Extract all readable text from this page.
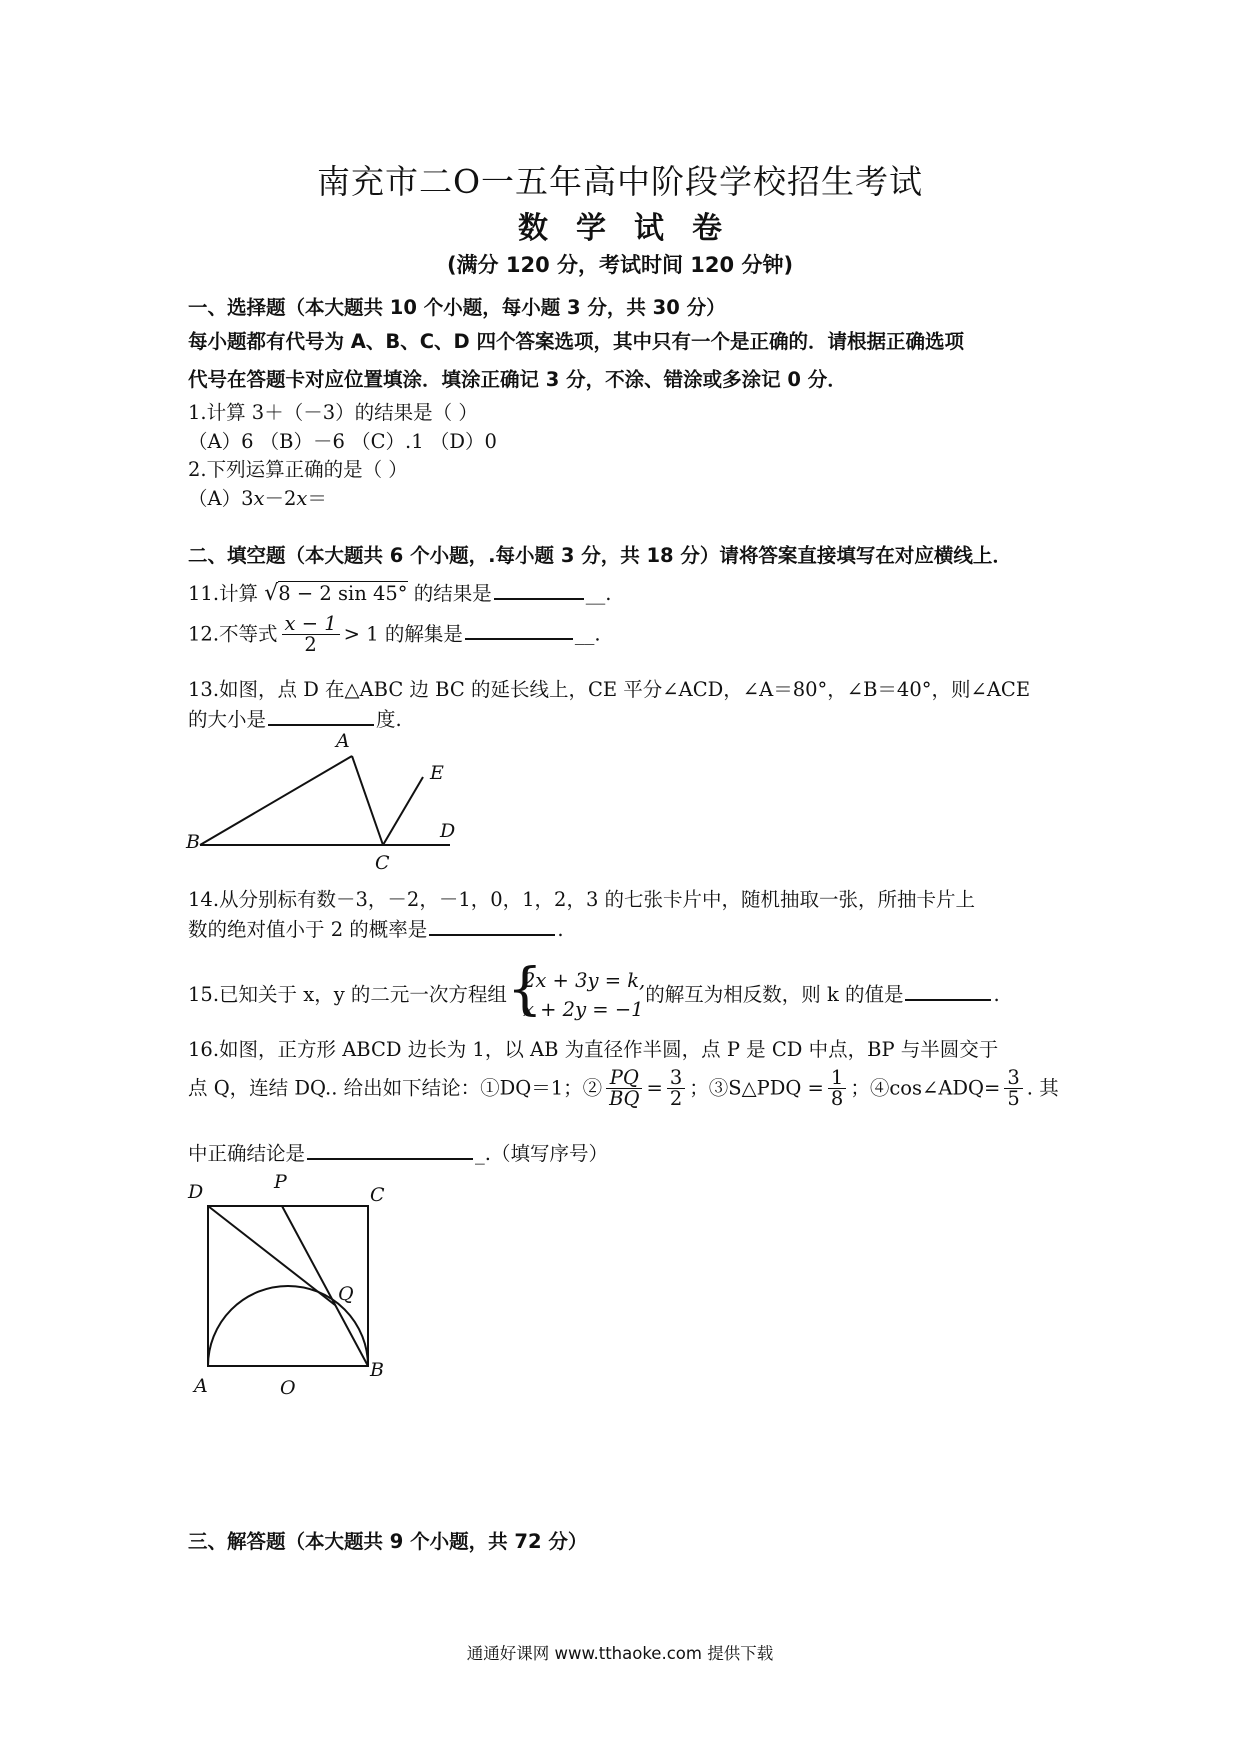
南充市二O一五年高中阶段学校招生考试
数学试卷
(满分 120 分，考试时间 120 分钟)
一、选择题（本大题共 10 个小题，每小题 3 分，共 30 分）
每小题都有代号为 A、B、C、D 四个答案选项，其中只有一个是正确的．请根据正确选项
代号在答题卡对应位置填涂．填涂正确记 3 分，不涂、错涂或多涂记 0 分．
1.计算 3＋（－3）的结果是（ ）
（A）6 （B）－6 （C）.1 （D）0
2.下列运算正确的是（ ）
（A）3x－2x＝
二、填空题（本大题共 6 个小题，.每小题 3 分，共 18 分）请将答案直接填写在对应横线上．
11.计算 √8 − 2 sin 45° 的结果是	__.
12.不等式 $\frac{x - 1}{2} > 1$ 的解集是	__.
13.如图，点 D 在△ABC 边 BC 的延长线上，CE 平分∠ACD，∠A＝80°，∠B＝40°，则∠ACE
的大小是	度.
A
B
C
D
E
14.从分别标有数－3，－2，－1，0，1，2，3 的七张卡片中，随机抽取一张，所抽卡片上
数的绝对值小于 2 的概率是	.
15.已知关于 x，y 的二元一次方程组 {
2x + 3y = k,
x + 2y = −1
的解互为相反数，则 k 的值是	.
16.如图，正方形 ABCD 边长为 1，以 AB 为直径作半圆，点 P 是 CD 中点，BP 与半圆交于
点 Q，连结 DQ.. 给出如下结论：①DQ＝1；② $\frac{PQ}{BQ} = \frac{3}{2}$ ；③S△PDQ = $\frac{1}{8}$ ；④cos∠ADQ= $\frac{3}{5}$ . 其
中正确结论是	_.（填写序号）
D	P
C
Q
A	O
B
三、解答题（本大题共 9 个小题，共 72 分）
通通好课网 www.tthaoke.com 提供下载
